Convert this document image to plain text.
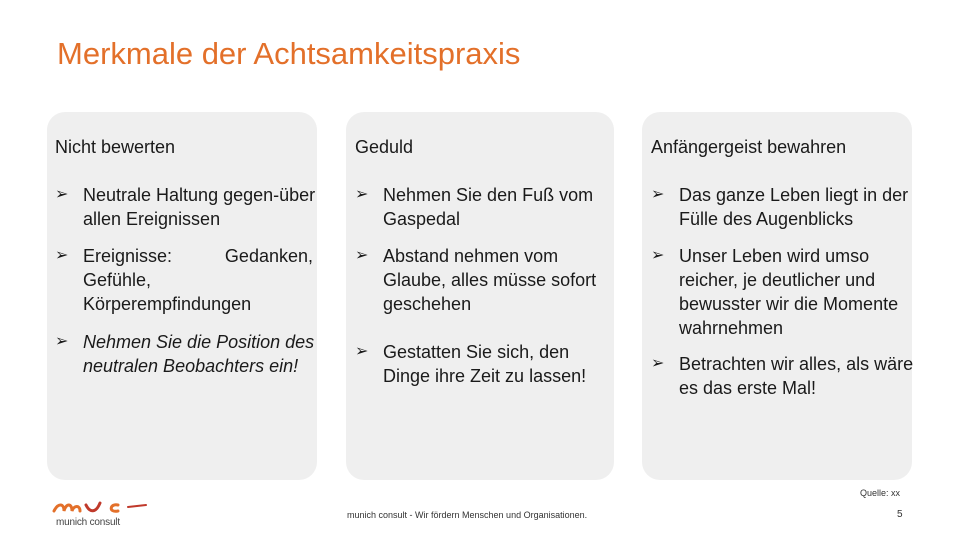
Merkmale der Achtsamkeitspraxis
Nicht bewerten
➢ Neutrale Haltung gegen-über allen Ereignissen
➢ Ereignisse: Gedanken, Gefühle, Körperempfindungen
➢ Nehmen Sie die Position des neutralen Beobachters ein!
Geduld
➢ Nehmen Sie den Fuß vom Gaspedal
➢ Abstand nehmen vom Glaube, alles müsse sofort geschehen
➢ Gestatten Sie sich, den Dinge ihre Zeit zu lassen!
Anfängergeist bewahren
➢ Das ganze Leben liegt in der Fülle des Augenblicks
➢ Unser Leben wird umso reicher, je deutlicher und bewusster wir die Momente wahrnehmen
➢ Betrachten wir alles, als wäre es das erste Mal!
Quelle: xx
munich consult
munich consult - Wir fördern Menschen und Organisationen.	5
